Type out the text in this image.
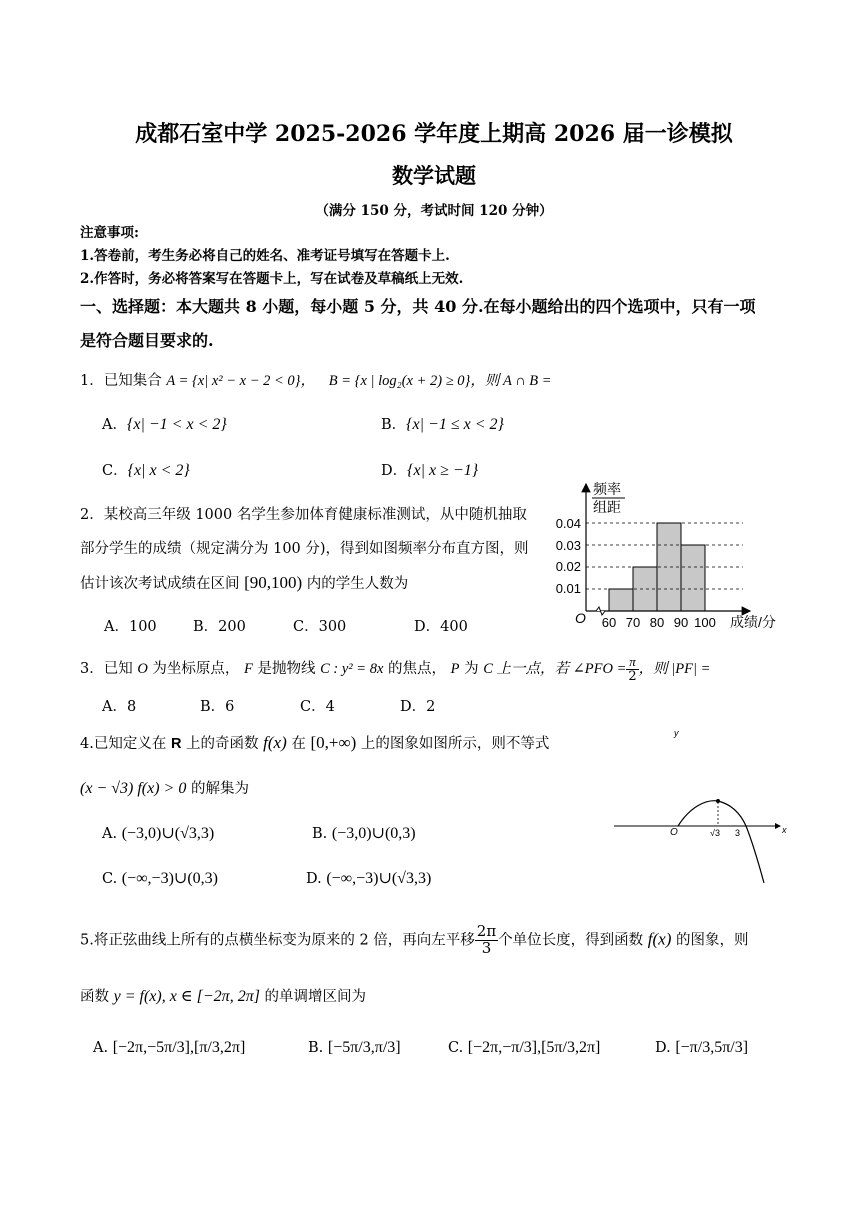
成都石室中学 2025-2026 学年度上期高 2026 届一诊模拟
数学试题
（满分 150 分，考试时间 120 分钟）
注意事项:
1.答卷前，考生务必将自己的姓名、准考证号填写在答题卡上.
2.作答时，务必将答案写在答题卡上，写在试卷及草稿纸上无效.
一、选择题：本大题共 8 小题，每小题 5 分，共 40 分.在每小题给出的四个选项中，只有一项
是符合题目要求的.
1．已知集合 A = {x| x² − x − 2 < 0}， B = {x | log₂(x + 2) ≥ 0}，则 A ∩ B =
A．{x| −1 < x < 2}	B．{x| −1 ≤ x < 2}
C．{x| x < 2}	D．{x| x ≥ −1}
2．某校高三年级 1000 名学生参加体育健康标准测试，从中随机抽取
部分学生的成绩（规定满分为 100 分)，得到如图频率分布直方图，则
估计该次考试成绩在区间 [90,100) 内的学生人数为
A．100	B．200	C．300	D．400
频率
组距
O
0.04
0.03
0.02
0.01
60 70 80 90 100 成绩/分
3．已知 O 为坐标原点， F 是抛物线 C : y² = 8x 的焦点， P 为 C 上一点，若 ∠PFO = $\frac{\pi}{2}$ ，则 |PF| =
A．8	B．6	C．4	D．2
4.已知定义在 R 上的奇函数 f(x) 在 [0,+∞) 上的图象如图所示，则不等式
(x − √3) f(x) > 0 的解集为
A. (−3,0)∪(√3,3)	B. (−3,0)∪(0,3)
C. (−∞,−3)∪(0,3)	D. (−∞,−3)∪(√3,3)
y
x
O	√3 3
5.将正弦曲线上所有的点横坐标变为原来的 2 倍，再向左平移 $\frac{2\pi}{3}$ 个单位长度，得到函数 f(x) 的图象，则
函数 y = f(x), x ∈ [−2π, 2π] 的单调增区间为
A. [−2π,−5π/3],[π/3,2π]	B. [−5π/3,π/3]	C. [−2π,−π/3],[5π/3,2π]	D. [−π/3,5π/3]
